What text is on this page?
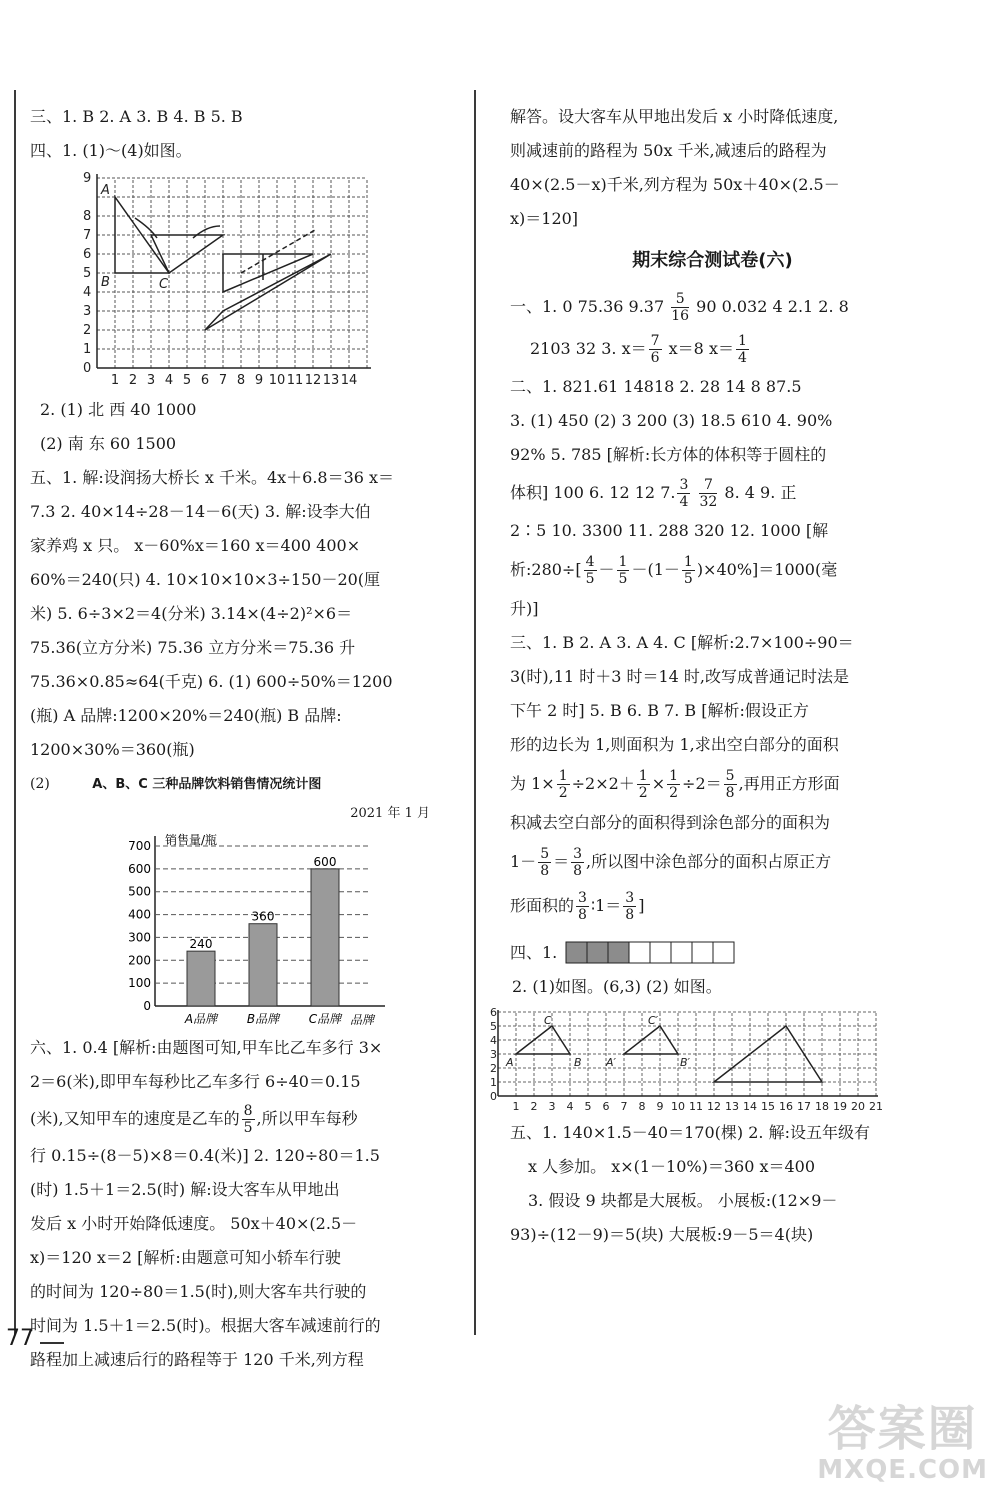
三、1. B 2. A 3. B 4. B 5. B
四、1. (1)～(4)如图。
0
1
2
3
4
5
6
7
8
9
1 2 3 4 5 6 7 8 9 10 11 12 13 14
A
B	C
2. (1) 北 西 40 1000
(2) 南 东 60 1500
五、1. 解:设润扬大桥长 x 千米。4x＋6.8＝36 x＝
7.3 2. 40×14÷28－14－6(天) 3. 解:设李大伯
家养鸡 x 只。 x－60%x＝160 x＝400 400×
60%＝240(只) 4. 10×10×10×3÷150－20(厘
米) 5. 6÷3×2＝4(分米) 3.14×(4÷2)²×6＝
75.36(立方分米) 75.36 立方分米＝75.36 升
75.36×0.85≈64(千克) 6. (1) 600÷50%＝1200
(瓶) A 品牌:1200×20%＝240(瓶) B 品牌:
1200×30%＝360(瓶)
(2)	A、B、C 三种品牌饮料销售情况统计图
2021 年 1 月
销售量/瓶
品牌
0
100
200
300
400
500
600
700
240
A品牌
360
B品牌
600
C品牌
六、1. 0.4 [解析:由题图可知,甲车比乙车多行 3×
2＝6(米),即甲车每秒比乙车多行 6÷40＝0.15
(米),又知甲车的速度是乙车的 $\frac{8}{5}$ ,所以甲车每秒
行 0.15÷(8－5)×8＝0.4(米)] 2. 120÷80＝1.5
(时) 1.5＋1＝2.5(时) 解:设大客车从甲地出
发后 x 小时开始降低速度。 50x＋40×(2.5－
x)＝120 x＝2 [解析:由题意可知小轿车行驶
的时间为 120÷80＝1.5(时),则大客车共行驶的
时间为 1.5＋1＝2.5(时)。根据大客车减速前行的
路程加上减速后行的路程等于 120 千米,列方程
解答。设大客车从甲地出发后 x 小时降低速度,
则减速前的路程为 50x 千米,减速后的路程为
40×(2.5－x)千米,列方程为 50x＋40×(2.5－
x)＝120]
期末综合测试卷(六)
一、1. 0 75.36 $9.37 \frac{5}{16} 90$ 0.032 4 2.1 2. 8
2103 32 3. $x= \frac{7}{6} x=8$ $x= \frac{1}{4}$
二、1. 821.61 14818 2. 28 14 8 87.5
3. (1) 450 (2) 3 200 (3) 18.5 610 4. 90%
92% 5. 785 [解析:长方体的体积等于圆柱的
体积] 100 6. 12 12 7. $\frac{3}{4}$
$\frac{7}{32} 8$. 4 9. 正
2∶5 10. 3300 11. 288 320 12. 1000 [解
析:280÷[ $\frac{4}{5} - \frac{1}{5} -(1- \frac{1}{5} )\times 40\%]=1000$(毫
升)]
三、1. B 2. A 3. A 4. C [解析:2.7×100÷90＝
3(时),11 时＋3 时＝14 时,改写成普通记时法是
下午 2 时] 5. B 6. B 7. B [解析:假设正方
形的边长为 1,则面积为 1,求出空白部分的面积
为 $1\times \frac{1}{2} \div 2\times 2+ \frac{1}{2} \times \frac{1}{2} \div 2= \frac{5}{8}$ ,再用正方形面
积减去空白部分的面积得到涂色部分的面积为
$1- \frac{5}{8} = \frac{3}{8}$ ,所以图中涂色部分的面积占原正方
形面积的 $\frac{3}{8}$ ∶1＝ $\frac{3}{8}$ ]
四、1.
2. (1)如图。(6,3) (2) 如图。
0
1
2
3
4
5
6
1 2 3 4 5 6 7 8 9 10 11 12 13 14 15 16 17 18 19 20 21
A
C
B A′
C′
B′
五、1. 140×1.5－40＝170(棵) 2. 解:设五年级有
x 人参加。 x×(1－10%)＝360 x＝400
3. 假设 9 块都是大展板。 小展板:(12×9－
93)÷(12－9)＝5(块) 大展板:9－5＝4(块)
77
答案圈
MXQE.COM
